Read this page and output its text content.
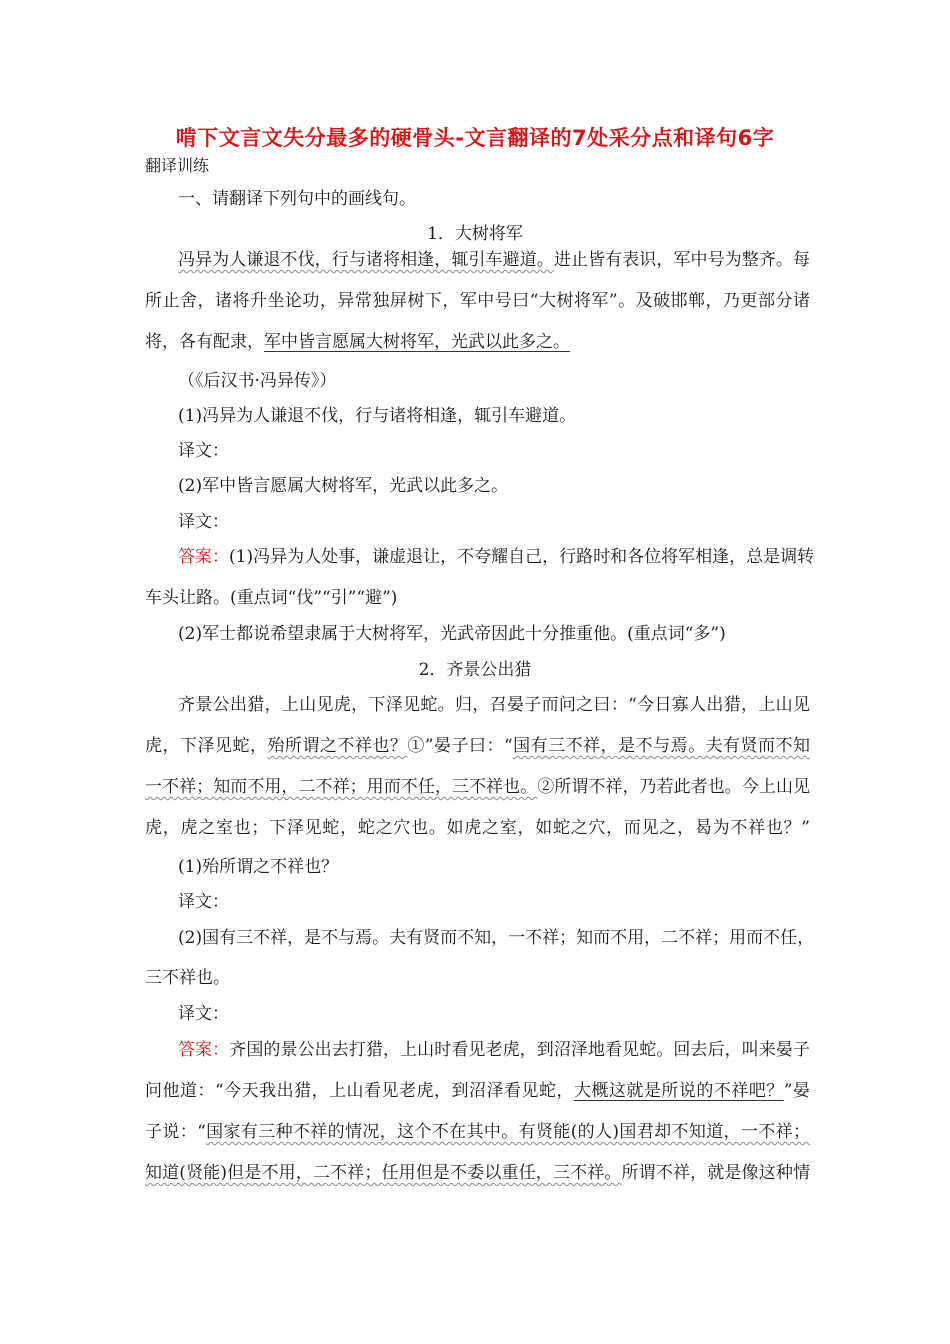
啃下文言文失分最多的硬骨头-文言翻译的7处采分点和译句6字
翻译训练
一、请翻译下列句中的画线句。
1．大树将军
冯异为人谦退不伐，行与诸将相逢，辄引车避道。进止皆有表识，军中号为整齐。每
所止舍，诸将升坐论功，异常独屏树下，军中号曰“大树将军”。及破邯郸，乃更部分诸
将，各有配隶，军中皆言愿属大树将军，光武以此多之。
（《后汉书·冯异传》）
(1)冯异为人谦退不伐，行与诸将相逢，辄引车避道。
译文：
(2)军中皆言愿属大树将军，光武以此多之。
译文：
答案：(1)冯异为人处事，谦虚退让，不夸耀自己，行路时和各位将军相逢，总是调转
车头让路。(重点词“伐”“引”“避”)
(2)军士都说希望隶属于大树将军，光武帝因此十分推重他。(重点词“多”)
2．齐景公出猎
齐景公出猎，上山见虎，下泽见蛇。归，召晏子而问之曰：“今日寡人出猎，上山见
虎，下泽见蛇，殆所谓之不祥也？①”晏子曰：“国有三不祥，是不与焉。夫有贤而不知
一不祥；知而不用，二不祥；用而不任，三不祥也。②所谓不祥，乃若此者也。今上山见
虎，虎之室也；下泽见蛇，蛇之穴也。如虎之室，如蛇之穴，而见之，曷为不祥也？”
(1)殆所谓之不祥也？
译文：
(2)国有三不祥，是不与焉。夫有贤而不知，一不祥；知而不用，二不祥；用而不任，
三不祥也。
译文：
答案：齐国的景公出去打猎，上山时看见老虎，到沼泽地看见蛇。回去后，叫来晏子
问他道：“今天我出猎，上山看见老虎，到沼泽看见蛇，大概这就是所说的不祥吧？”晏
子说：“国家有三种不祥的情况，这个不在其中。有贤能(的人)国君却不知道，一不祥；
知道(贤能)但是不用，二不祥；任用但是不委以重任，三不祥。所谓不祥，就是像这种情
